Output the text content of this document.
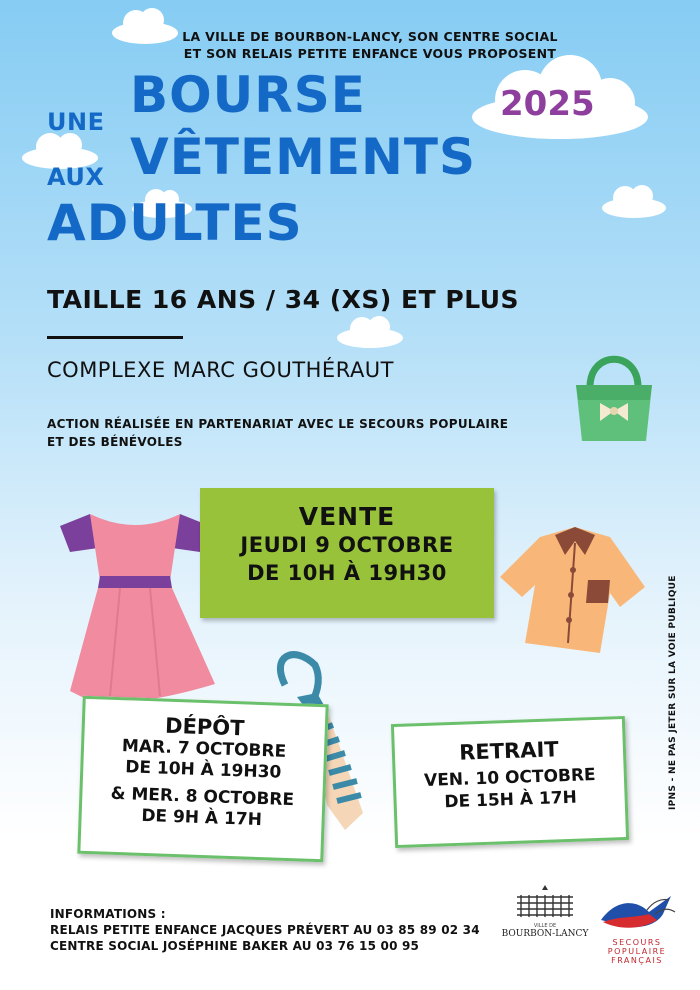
LA VILLE DE BOURBON-LANCY, SON CENTRE SOCIAL
ET SON RELAIS PETITE ENFANCE VOUS PROPOSENT
UNE BOURSE
AUX VÊTEMENTS
ADULTES
2025
TAILLE 16 ANS / 34 (XS) ET PLUS
COMPLEXE MARC GOUTHÉRAUT
ACTION RÉALISÉE EN PARTENARIAT AVEC LE SECOURS POPULAIRE
ET DES BÉNÉVOLES
VENTE
JEUDI 9 OCTOBRE
DE 10H À 19H30
DÉPÔT
MAR. 7 OCTOBRE
DE 10H À 19H30
& MER. 8 OCTOBRE
DE 9H À 17H
RETRAIT
VEN. 10 OCTOBRE
DE 15H À 17H	IPNS - NE PAS JETER SUR LA VOIE PUBLIQUE
INFORMATIONS :
RELAIS PETITE ENFANCE JACQUES PRÉVERT AU 03 85 89 02 34
CENTRE SOCIAL JOSÉPHINE BAKER AU 03 76 15 00 95
VILLE DE
BOURBON-LANCY
SECOURS
POPULAIRE
FRANÇAIS
